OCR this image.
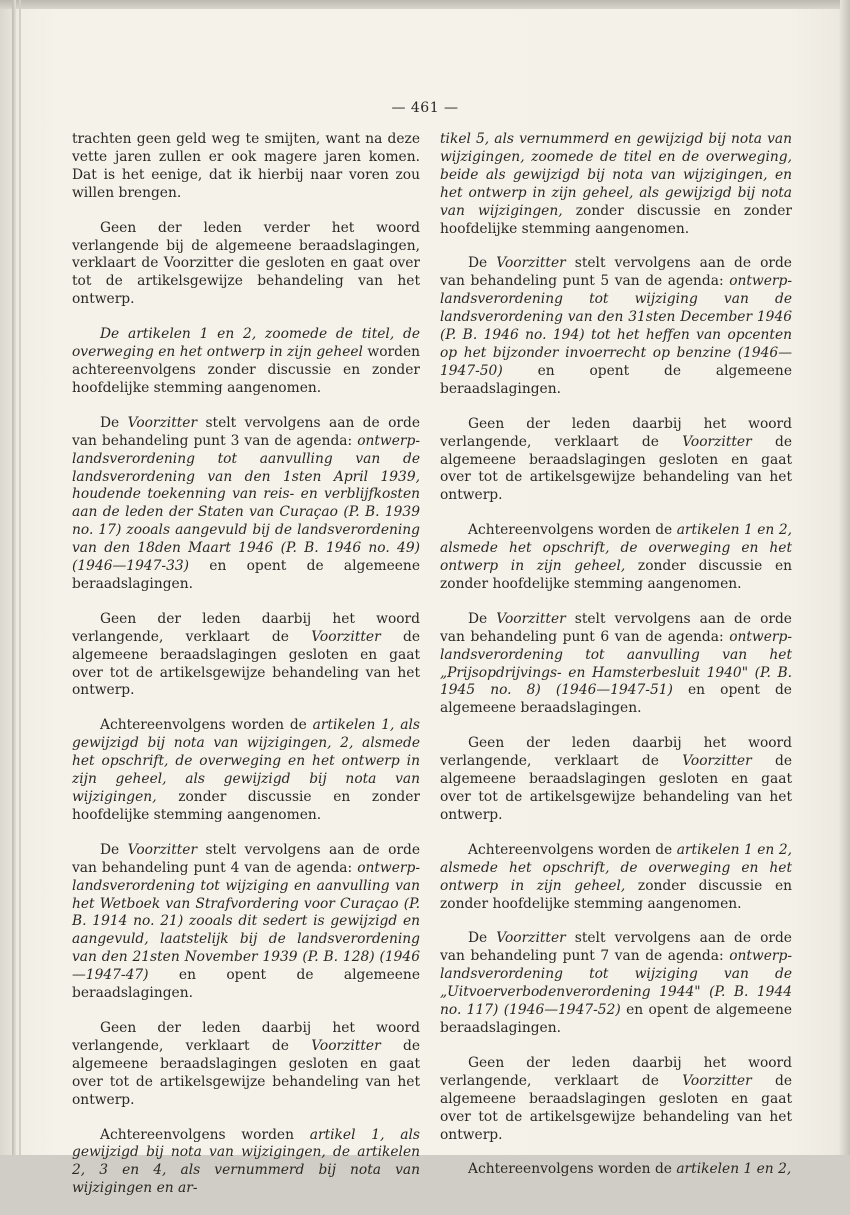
— 461 —

trachten geen geld weg te smijten, want na deze vette jaren zullen er ook magere jaren komen. Dat is het eenige, dat ik hierbij naar voren zou willen brengen.

Geen der leden verder het woord verlangende bij de algemeene beraadslagingen, verklaart de Voorzitter die gesloten en gaat over tot de artikelsgewijze behandeling van het ontwerp.

De artikelen 1 en 2, zoomede de titel, de overweging en het ontwerp in zijn geheel worden achtereenvolgens zonder discussie en zonder hoofdelijke stemming aangenomen.

De Voorzitter stelt vervolgens aan de orde van behandeling punt 3 van de agenda: ontwerp-landsverordening tot aanvulling van de landsverordening van den 1sten April 1939, houdende toekenning van reis- en verblijfkosten aan de leden der Staten van Curaçao (P. B. 1939 no. 17) zooals aangevuld bij de landsverordening van den 18den Maart 1946 (P. B. 1946 no. 49) (1946—1947-33) en opent de algemeene beraadslagingen.

Geen der leden daarbij het woord verlangende, verklaart de Voorzitter de algemeene beraadslagingen gesloten en gaat over tot de artikelsgewijze behandeling van het ontwerp.

Achtereenvolgens worden de artikelen 1, als gewijzigd bij nota van wijzigingen, 2, alsmede het opschrift, de overweging en het ontwerp in zijn geheel, als gewijzigd bij nota van wijzigingen, zonder discussie en zonder hoofdelijke stemming aangenomen.

De Voorzitter stelt vervolgens aan de orde van behandeling punt 4 van de agenda: ontwerp-landsverordening tot wijziging en aanvulling van het Wetboek van Strafvordering voor Curaçao (P. B. 1914 no. 21) zooals dit sedert is gewijzigd en aangevuld, laatstelijk bij de landsverordening van den 21sten November 1939 (P. B. 128) (1946—1947-47) en opent de algemeene beraadslagingen.

Geen der leden daarbij het woord verlangende, verklaart de Voorzitter de algemeene beraadslagingen gesloten en gaat over tot de artikelsgewijze behandeling van het ontwerp.

Achtereenvolgens worden artikel 1, als gewijzigd bij nota van wijzigingen, de artikelen 2, 3 en 4, als vernummerd bij nota van wijzigingen en ar-

tikel 5, als vernummerd en gewijzigd bij nota van wijzigingen, zoomede de titel en de overweging, beide als gewijzigd bij nota van wijzigingen, en het ontwerp in zijn geheel, als gewijzigd bij nota van wijzigingen, zonder discussie en zonder hoofdelijke stemming aangenomen.

De Voorzitter stelt vervolgens aan de orde van behandeling punt 5 van de agenda: ontwerp-landsverordening tot wijziging van de landsverordening van den 31sten December 1946 (P. B. 1946 no. 194) tot het heffen van opcenten op het bijzonder invoerrecht op benzine (1946—1947-50) en opent de algemeene beraadslagingen.

Geen der leden daarbij het woord verlangende, verklaart de Voorzitter de algemeene beraadslagingen gesloten en gaat over tot de artikelsgewijze behandeling van het ontwerp.

Achtereenvolgens worden de artikelen 1 en 2, alsmede het opschrift, de overweging en het ontwerp in zijn geheel, zonder discussie en zonder hoofdelijke stemming aangenomen.

De Voorzitter stelt vervolgens aan de orde van behandeling punt 6 van de agenda: ontwerp-landsverordening tot aanvulling van het „Prijsopdrijvings- en Hamsterbesluit 1940" (P. B. 1945 no. 8) (1946—1947-51) en opent de algemeene beraadslagingen.

Geen der leden daarbij het woord verlangende, verklaart de Voorzitter de algemeene beraadslagingen gesloten en gaat over tot de artikelsgewijze behandeling van het ontwerp.

Achtereenvolgens worden de artikelen 1 en 2, alsmede het opschrift, de overweging en het ontwerp in zijn geheel, zonder discussie en zonder hoofdelijke stemming aangenomen.

De Voorzitter stelt vervolgens aan de orde van behandeling punt 7 van de agenda: ontwerp-landsverordening tot wijziging van de „Uitvoerverbodenverordening 1944" (P. B. 1944 no. 117) (1946—1947-52) en opent de algemeene beraadslagingen.

Geen der leden daarbij het woord verlangende, verklaart de Voorzitter de algemeene beraadslagingen gesloten en gaat over tot de artikelsgewijze behandeling van het ontwerp.

Achtereenvolgens worden de artikelen 1 en 2,
